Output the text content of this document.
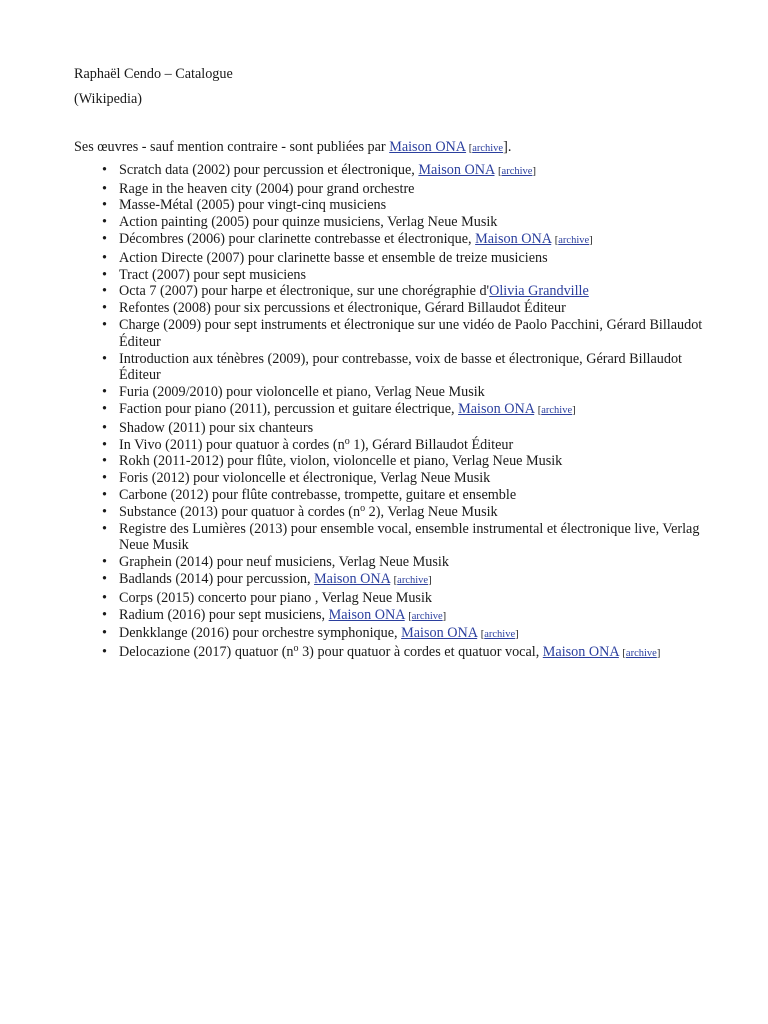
Raphaël Cendo – Catalogue
(Wikipedia)
Ses œuvres - sauf mention contraire - sont publiées par Maison ONA [archive].
• Scratch data (2002) pour percussion et électronique, Maison ONA [archive]
• Rage in the heaven city (2004) pour grand orchestre
• Masse-Métal (2005) pour vingt-cinq musiciens
• Action painting (2005) pour quinze musiciens, Verlag Neue Musik
• Décombres (2006) pour clarinette contrebasse et électronique, Maison ONA [archive]
• Action Directe (2007) pour clarinette basse et ensemble de treize musiciens
• Tract (2007) pour sept musiciens
• Octa 7 (2007) pour harpe et électronique, sur une chorégraphie d'Olivia Grandville
• Refontes (2008) pour six percussions et électronique, Gérard Billaudot Éditeur
• Charge (2009) pour sept instruments et électronique sur une vidéo de Paolo Pacchini, Gérard Billaudot Éditeur
• Introduction aux ténèbres (2009), pour contrebasse, voix de basse et électronique, Gérard Billaudot Éditeur
• Furia (2009/2010) pour violoncelle et piano, Verlag Neue Musik
• Faction pour piano (2011), percussion et guitare électrique, Maison ONA [archive]
• Shadow (2011) pour six chanteurs
• In Vivo (2011) pour quatuor à cordes ($n^o$ 1), Gérard Billaudot Éditeur
• Rokh (2011-2012) pour flûte, violon, violoncelle et piano, Verlag Neue Musik
• Foris (2012) pour violoncelle et électronique, Verlag Neue Musik
• Carbone (2012) pour flûte contrebasse, trompette, guitare et ensemble
• Substance (2013) pour quatuor à cordes ($n^o$ 2), Verlag Neue Musik
• Registre des Lumières (2013) pour ensemble vocal, ensemble instrumental et électronique live, Verlag Neue Musik
• Graphein (2014) pour neuf musiciens, Verlag Neue Musik
• Badlands (2014) pour percussion, Maison ONA [archive]
• Corps (2015) concerto pour piano , Verlag Neue Musik
• Radium (2016) pour sept musiciens, Maison ONA [archive]
• Denkklange (2016) pour orchestre symphonique, Maison ONA [archive]
• Delocazione (2017) quatuor ($n^o$ 3) pour quatuor à cordes et quatuor vocal, Maison ONA [archive]
